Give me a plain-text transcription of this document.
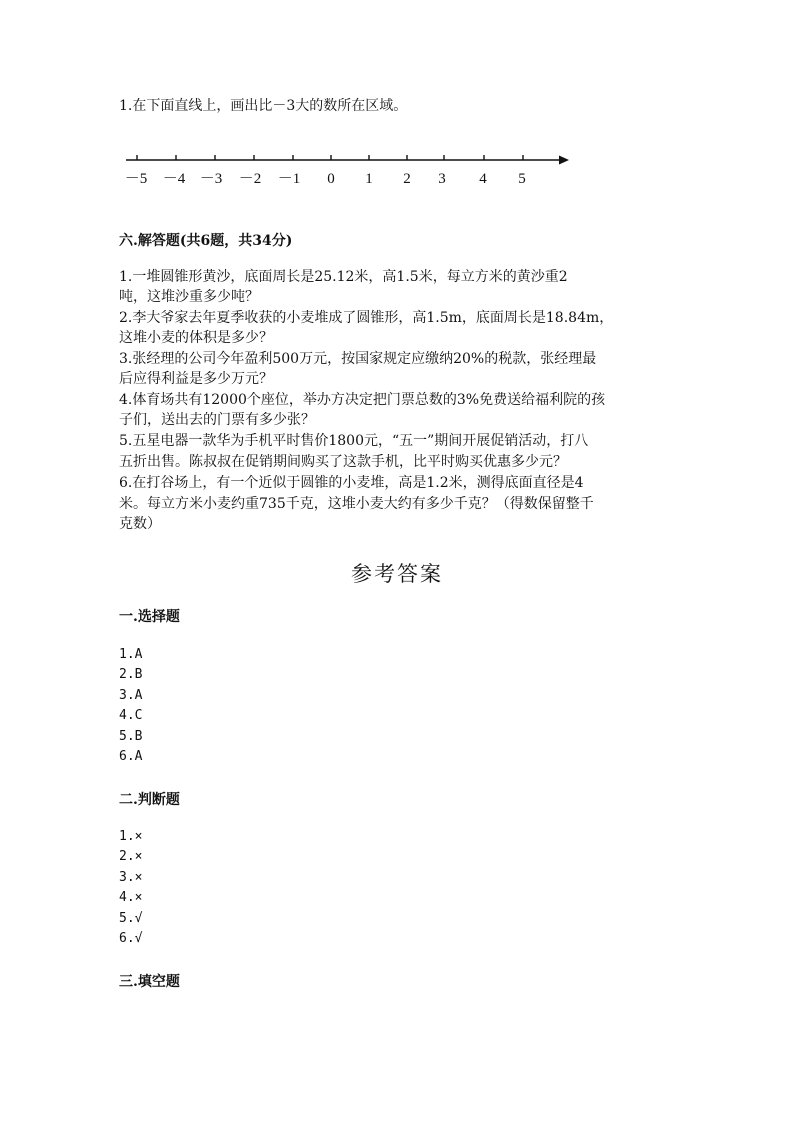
1.在下面直线上，画出比－3大的数所在区域。
－5 －4 －3 －2 －1 0 1 2 3 4 5
六.解答题(共6题，共34分)
1.一堆圆锥形黄沙，底面周长是25.12米，高1.5米，每立方米的黄沙重2
吨，这堆沙重多少吨？
2.李大爷家去年夏季收获的小麦堆成了圆锥形，高1.5m，底面周长是18.84m，
这堆小麦的体积是多少？
3.张经理的公司今年盈利500万元，按国家规定应缴纳20%的税款，张经理最
后应得利益是多少万元？
4.体育场共有12000个座位，举办方决定把门票总数的3%免费送给福利院的孩
子们，送出去的门票有多少张？
5.五星电器一款华为手机平时售价1800元，“五一”期间开展促销活动，打八
五折出售。陈叔叔在促销期间购买了这款手机，比平时购买优惠多少元？
6.在打谷场上，有一个近似于圆锥的小麦堆，高是1.2米，测得底面直径是4
米。每立方米小麦约重735千克，这堆小麦大约有多少千克？（得数保留整千
克数）
参考答案
一.选择题
1.A
2.B
3.A
4.C
5.B
6.A
二.判断题
1.×
2.×
3.×
4.×
5.√
6.√
三.填空题
